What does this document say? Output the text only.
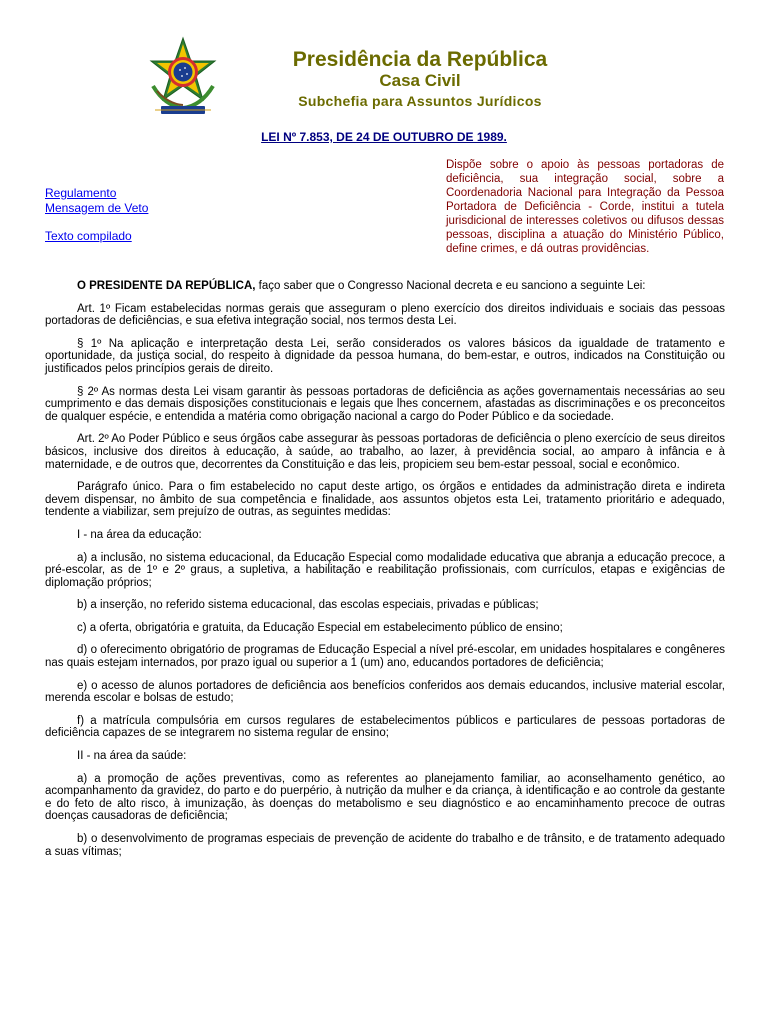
Presidência da República
Casa Civil
Subchefia para Assuntos Jurídicos
LEI Nº 7.853, DE 24 DE OUTUBRO DE 1989.
Regulamento
Mensagem de Veto
Texto compilado
Dispõe sobre o apoio às pessoas portadoras de deficiência, sua integração social, sobre a Coordenadoria Nacional para Integração da Pessoa Portadora de Deficiência - Corde, institui a tutela jurisdicional de interesses coletivos ou difusos dessas pessoas, disciplina a atuação do Ministério Público, define crimes, e dá outras providências.

O PRESIDENTE DA REPÚBLICA, faço saber que o Congresso Nacional decreta e eu sanciono a seguinte Lei:

Art. 1º Ficam estabelecidas normas gerais que asseguram o pleno exercício dos direitos individuais e sociais das pessoas portadoras de deficiências, e sua efetiva integração social, nos termos desta Lei.

§ 1º Na aplicação e interpretação desta Lei, serão considerados os valores básicos da igualdade de tratamento e oportunidade, da justiça social, do respeito à dignidade da pessoa humana, do bem-estar, e outros, indicados na Constituição ou justificados pelos princípios gerais de direito.

§ 2º As normas desta Lei visam garantir às pessoas portadoras de deficiência as ações governamentais necessárias ao seu cumprimento e das demais disposições constitucionais e legais que lhes concernem, afastadas as discriminações e os preconceitos de qualquer espécie, e entendida a matéria como obrigação nacional a cargo do Poder Público e da sociedade.

Art. 2º Ao Poder Público e seus órgãos cabe assegurar às pessoas portadoras de deficiência o pleno exercício de seus direitos básicos, inclusive dos direitos à educação, à saúde, ao trabalho, ao lazer, à previdência social, ao amparo à infância e à maternidade, e de outros que, decorrentes da Constituição e das leis, propiciem seu bem-estar pessoal, social e econômico.

Parágrafo único. Para o fim estabelecido no caput deste artigo, os órgãos e entidades da administração direta e indireta devem dispensar, no âmbito de sua competência e finalidade, aos assuntos objetos esta Lei, tratamento prioritário e adequado, tendente a viabilizar, sem prejuízo de outras, as seguintes medidas:

I - na área da educação:

a) a inclusão, no sistema educacional, da Educação Especial como modalidade educativa que abranja a educação precoce, a pré-escolar, as de 1º e 2º graus, a supletiva, a habilitação e reabilitação profissionais, com currículos, etapas e exigências de diplomação próprios;

b) a inserção, no referido sistema educacional, das escolas especiais, privadas e públicas;

c) a oferta, obrigatória e gratuita, da Educação Especial em estabelecimento público de ensino;

d) o oferecimento obrigatório de programas de Educação Especial a nível pré-escolar, em unidades hospitalares e congêneres nas quais estejam internados, por prazo igual ou superior a 1 (um) ano, educandos portadores de deficiência;

e) o acesso de alunos portadores de deficiência aos benefícios conferidos aos demais educandos, inclusive material escolar, merenda escolar e bolsas de estudo;

f) a matrícula compulsória em cursos regulares de estabelecimentos públicos e particulares de pessoas portadoras de deficiência capazes de se integrarem no sistema regular de ensino;

II - na área da saúde:

a) a promoção de ações preventivas, como as referentes ao planejamento familiar, ao aconselhamento genético, ao acompanhamento da gravidez, do parto e do puerpério, à nutrição da mulher e da criança, à identificação e ao controle da gestante e do feto de alto risco, à imunização, às doenças do metabolismo e seu diagnóstico e ao encaminhamento precoce de outras doenças causadoras de deficiência;

b) o desenvolvimento de programas especiais de prevenção de acidente do trabalho e de trânsito, e de tratamento adequado a suas vítimas;
